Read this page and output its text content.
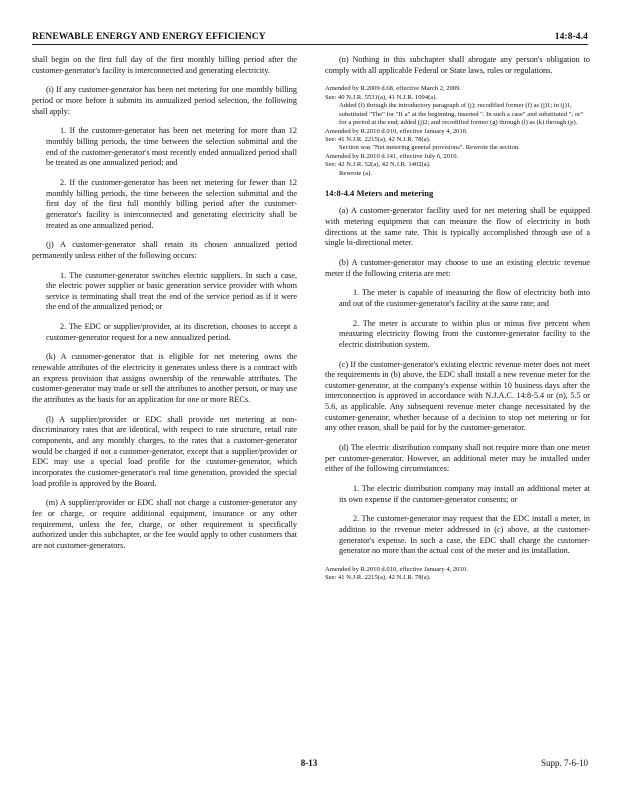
RENEWABLE ENERGY AND ENERGY EFFICIENCY	14:8-4.4

shall begin on the first full day of the first monthly billing period after the customer-generator's facility is interconnected and generating electricity.

(i) If any customer-generator has been net metering for one monthly billing period or more before it submits its annualized period selection, the following shall apply:

1. If the customer-generator has been net metering for more than 12 monthly billing periods, the time between the selection submittal and the end of the customer-generator's most recently ended annualized period shall be treated as one annualized period; and

2. If the customer-generator has been net metering for fewer than 12 monthly billing periods, the time between the selection submittal and the first day of the first full monthly billing period after the customer-generator's facility is interconnected and generating electricity shall be treated as one annualized period.

(j) A customer-generator shall retain its chosen annualized period permanently unless either of the following occurs:

1. The customer-generator switches electric suppliers. In such a case, the electric power supplier or basic generation service provider with whom service is terminating shall treat the end of the service period as if it were the end of the annualized period; or

2. The EDC or supplier/provider, at its discretion, chooses to accept a customer-generator request for a new annualized period.

(k) A customer-generator that is eligible for net metering owns the renewable attributes of the electricity it generates unless there is a contract with an express provision that assigns ownership of the renewable attributes. The customer-generator may trade or sell the attributes to another person, or may use the attributes as the basis for an application for one or more RECs.

(l) A supplier/provider or EDC shall provide net metering at non-discriminatory rates that are identical, with respect to rate structure, retail rate components, and any monthly charges, to the rates that a customer-generator would be charged if not a customer-generator, except that a supplier/provider or EDC may use a special load profile for the customer-generator, which incorporates the customer-generator's real time generation, provided the special load profile is approved by the Board.

(m) A supplier/provider or EDC shall not charge a customer-generator any fee or charge, or require additional equipment, insurance or any other requirement, unless the fee, charge, or other requirement is specifically authorized under this subchapter, or the fee would apply to other customers that are not customer-generators.

(n) Nothing in this subchapter shall abrogate any person's obligation to comply with all applicable Federal or State laws, rules or regulations.

Amended by R.2009 d.68, effective March 2, 2009.

See: 40 N.J.R. 5531(a), 41 N.J.R. 1094(a).

Added (f) through the introductory paragraph of (j); recodified former (f) as (j)1; in (j)1, substituted "The" for "If a" at the beginning, inserted ". In such a case" and substituted "; or" for a period at the end; added (j)2; and recodified former (g) through (l) as (k) through (p).

Amended by R.2010 d.010, effective January 4, 2010.

See: 41 N.J.R. 2215(a), 42 N.J.R. 78(a).

Section was "Net metering general provisions". Rewrote the section.

Amended by R.2010 d.141, effective July 6, 2010.

See: 42 N.J.R. 52(a), 42 N.J.R. 1402(a).

Rewrote (a).

14:8-4.4 Meters and metering

(a) A customer-generator facility used for net metering shall be equipped with metering equipment that can measure the flow of electricity in both directions at the same rate. This is typically accomplished through use of a single bi-directional meter.

(b) A customer-generator may choose to use an existing electric revenue meter if the following criteria are met:

1. The meter is capable of measuring the flow of electricity both into and out of the customer-generator's facility at the same rate; and

2. The meter is accurate to within plus or minus five percent when measuring electricity flowing from the customer-generator facility to the electric distribution system.

(c) If the customer-generator's existing electric revenue meter does not meet the requirements in (b) above, the EDC shall install a new revenue meter for the customer-generator, at the company's expense within 10 business days after the interconnection is approved in accordance with N.J.A.C. 14:8-5.4 or (n), 5.5 or 5.6, as applicable. Any subsequent revenue meter change necessitated by the customer-generator, whether because of a decision to stop net metering or for any other reason, shall be paid for by the customer-generator.

(d) The electric distribution company shall not require more than one meter per customer-generator. However, an additional meter may be installed under either of the following circumstances:

1. The electric distribution company may install an additional meter at its own expense if the customer-generator consents; or

2. The customer-generator may request that the EDC install a meter, in addition to the revenue meter addressed in (c) above, at the customer-generator's expense. In such a case, the EDC shall charge the customer-generator no more than the actual cost of the meter and its installation.

Amended by R.2010 d.010, effective January 4, 2010.

See: 41 N.J.R. 2215(a), 42 N.J.R. 78(a).

8-13	Supp. 7-6-10
